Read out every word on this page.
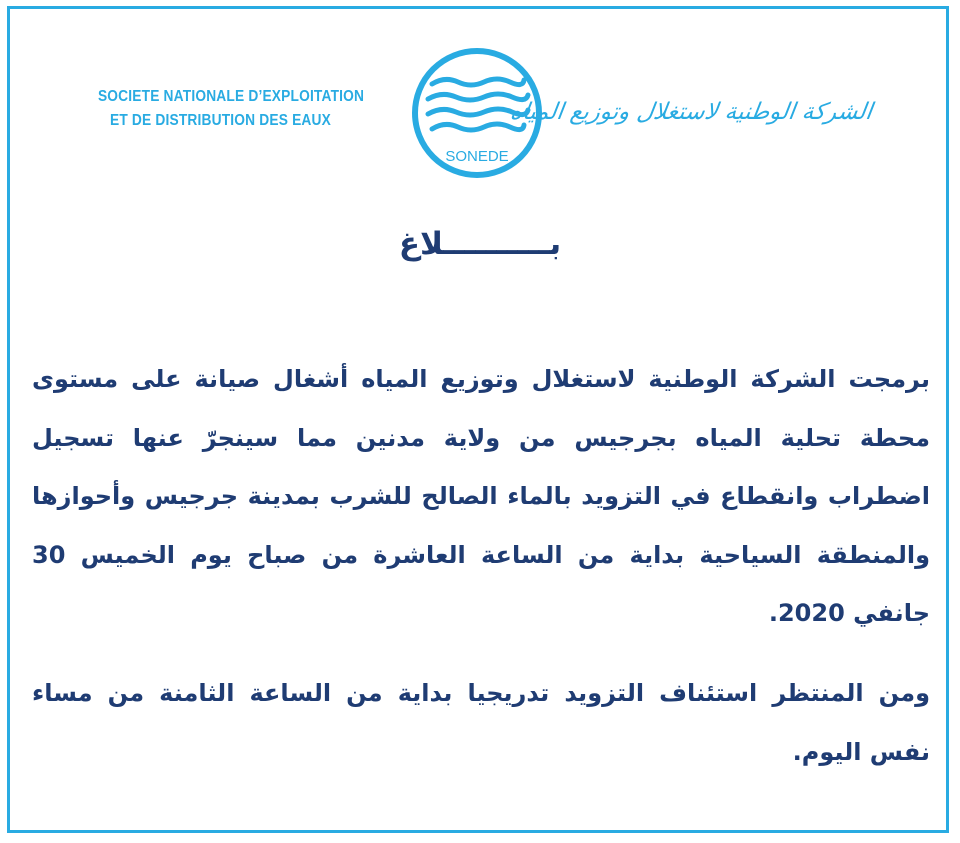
SOCIETE NATIONALE D’EXPLOITATION
ET DE DISTRIBUTION DES EAUX
SONEDE
الشركة الوطنية لاستغلال وتوزيع المياه
بــــــــــلاغ

برمجت الشركة الوطنية لاستغلال وتوزيع المياه أشغال صيانة على مستوى محطة تحلية المياه بجرجيس من ولاية مدنين مما سينجرّ عنها تسجيل اضطراب وانقطاع في التزويد بالماء الصالح للشرب بمدينة جرجيس وأحوازها والمنطقة السياحية بداية من الساعة العاشرة من صباح يوم الخميس 30 جانفي 2020.

ومن المنتظر استئناف التزويد تدريجيا بداية من الساعة الثامنة من مساء نفس اليوم.
